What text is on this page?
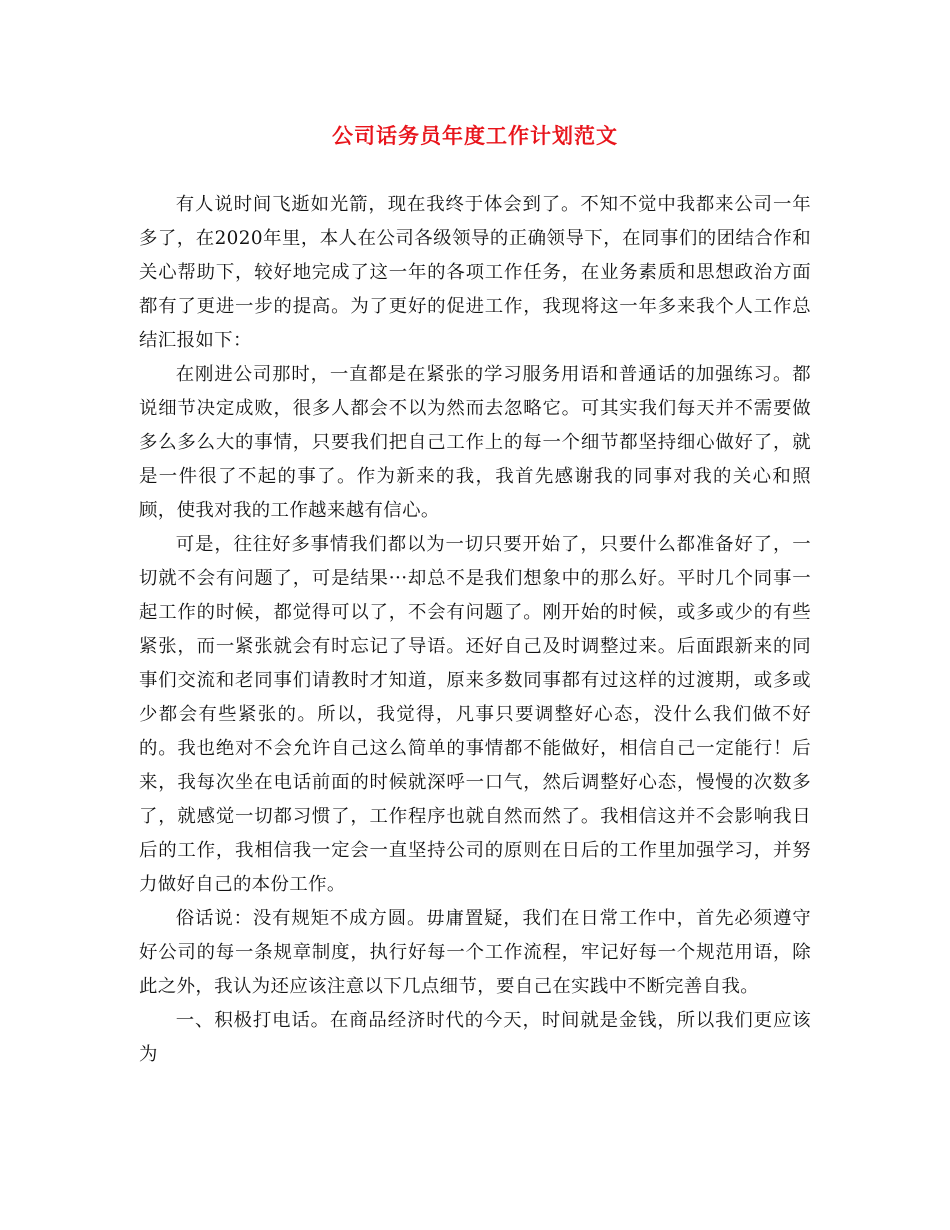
公司话务员年度工作计划范文

有人说时间飞逝如光箭，现在我终于体会到了。不知不觉中我都来公司一年多了，在2020年里，本人在公司各级领导的正确领导下，在同事们的团结合作和关心帮助下，较好地完成了这一年的各项工作任务，在业务素质和思想政治方面都有了更进一步的提高。为了更好的促进工作，我现将这一年多来我个人工作总结汇报如下：

在刚进公司那时，一直都是在紧张的学习服务用语和普通话的加强练习。都说细节决定成败，很多人都会不以为然而去忽略它。可其实我们每天并不需要做多么多么大的事情，只要我们把自己工作上的每一个细节都坚持细心做好了，就是一件很了不起的事了。作为新来的我，我首先感谢我的同事对我的关心和照顾，使我对我的工作越来越有信心。

可是，往往好多事情我们都以为一切只要开始了，只要什么都准备好了，一切就不会有问题了，可是结果···却总不是我们想象中的那么好。平时几个同事一起工作的时候，都觉得可以了，不会有问题了。刚开始的时候，或多或少的有些紧张，而一紧张就会有时忘记了导语。还好自己及时调整过来。后面跟新来的同事们交流和老同事们请教时才知道，原来多数同事都有过这样的过渡期，或多或少都会有些紧张的。所以，我觉得，凡事只要调整好心态，没什么我们做不好的。我也绝对不会允许自己这么简单的事情都不能做好，相信自己一定能行！后来，我每次坐在电话前面的时候就深呼一口气，然后调整好心态，慢慢的次数多了，就感觉一切都习惯了，工作程序也就自然而然了。我相信这并不会影响我日后的工作，我相信我一定会一直坚持公司的原则在日后的工作里加强学习，并努力做好自己的本份工作。

俗话说：没有规矩不成方圆。毋庸置疑，我们在日常工作中，首先必须遵守好公司的每一条规章制度，执行好每一个工作流程，牢记好每一个规范用语，除此之外，我认为还应该注意以下几点细节，要自己在实践中不断完善自我。

一、积极打电话。在商品经济时代的今天，时间就是金钱，所以我们更应该为
